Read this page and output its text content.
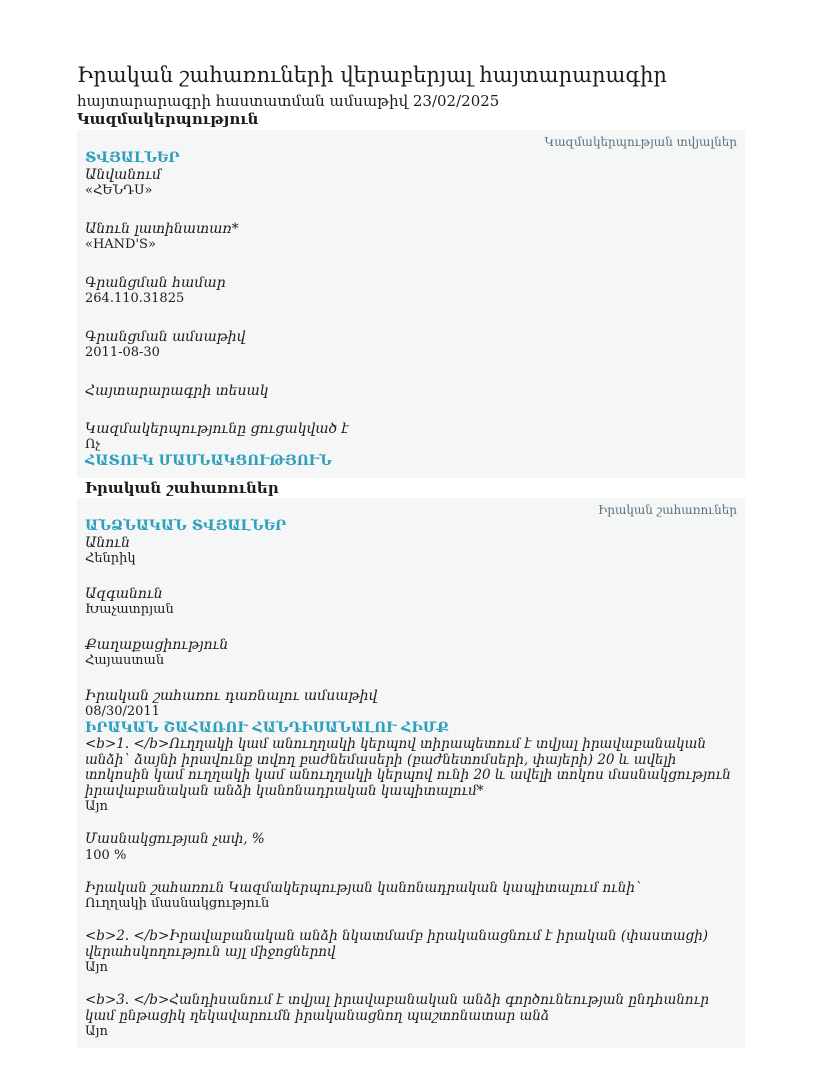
Իրական շահառուների վերաբերյալ հայտարարագիր
հայտարարագրի հաստատման ամսաթիվ 23/02/2025
Կազմակերպություն
Կազմակերպության տվյալներ
ՏՎՅԱԼՆԵՐ
Անվանում
«ՀԵՆԴՍ»
Անուն լատինատառ*
«HAND'S»
Գրանցման համար
264.110.31825
Գրանցման ամսաթիվ
2011-08-30
Հայտարարագրի տեսակ
Կազմակերպությունը ցուցակված է
Ոչ
ՀԱՏՈՒԿ ՄԱՍՆԱԿՑՈՒԹՅՈՒՆ
Իրական շահառուներ
Իրական շահառուներ
ԱՆՁՆԱԿԱՆ ՏՎՅԱԼՆԵՐ
Անուն
Հենրիկ
Ազգանուն
Խաչատրյան
Քաղաքացիություն
Հայաստան
Իրական շահառու դառնալու ամսաթիվ
08/30/2011
ԻՐԱԿԱՆ ՇԱՀԱՌՈՒ ՀԱՆԴԻՍԱՆԱԼՈՒ ՀԻՄՔ
<b>1. </b>Ուղղակի կամ անուղղակի կերպով տիրապետում է տվյալ իրավաբանական անձի` ձայնի իրավունք տվող բաժնեմասերի (բաժնետոմսերի, փայերի) 20 և ավելի տոկոսին կամ ուղղակի կամ անուղղակի կերպով ունի 20 և ավելի տոկոս մասնակցություն իրավաբանական անձի կանոնադրական կապիտալում*
Այո
Մասնակցության չափ, %
100 %
Իրական շահառուն Կազմակերպության կանոնադրական կապիտալում ունի`
Ուղղակի մասնակցություն
<b>2. </b>Իրավաբանական անձի նկատմամբ իրականացնում է իրական (փաստացի) վերահսկողություն այլ միջոցներով
Այո
<b>3. </b>Հանդիսանում է տվյալ իրավաբանական անձի գործունեության ընդհանուր կամ ընթացիկ ղեկավարումն իրականացնող պաշտոնատար անձ
Այո
